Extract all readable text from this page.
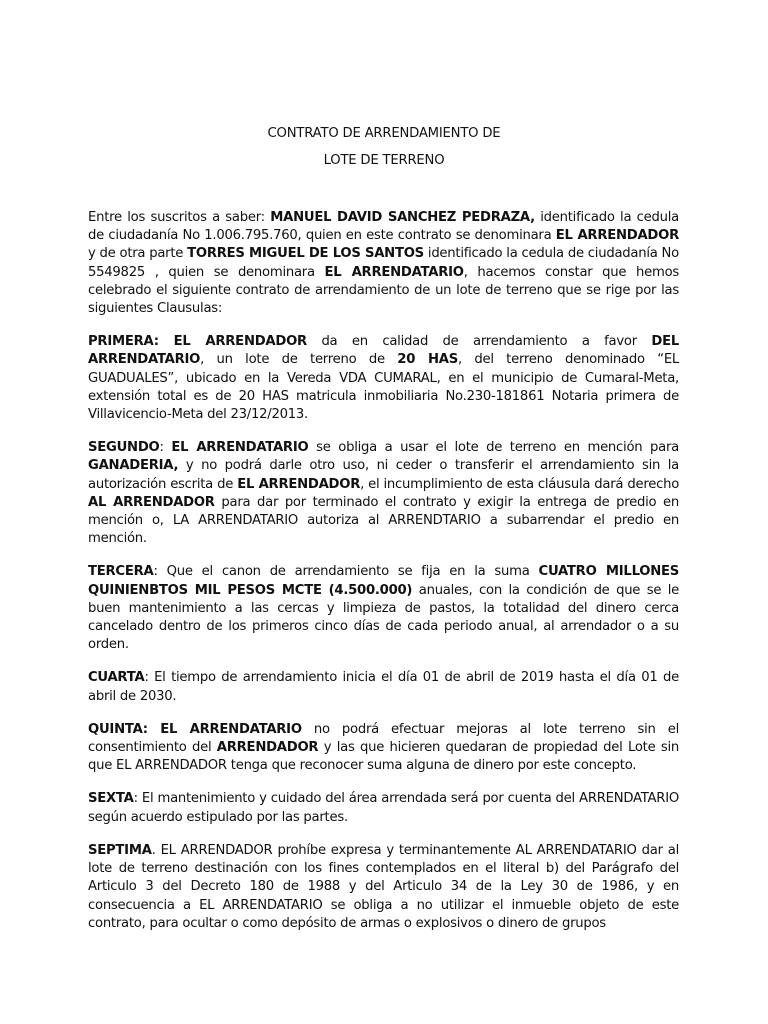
CONTRATO DE ARRENDAMIENTO DE
LOTE DE TERRENO

Entre los suscritos a saber: MANUEL DAVID SANCHEZ PEDRAZA, identificado la cedula de ciudadanía No 1.006.795.760, quien en este contrato se denominara EL ARRENDADOR y de otra parte TORRES MIGUEL DE LOS SANTOS identificado la cedula de ciudadanía No 5549825 , quien se denominara EL ARRENDATARIO, hacemos constar que hemos celebrado el siguiente contrato de arrendamiento de un lote de terreno que se rige por las siguientes Clausulas:

PRIMERA: EL ARRENDADOR da en calidad de arrendamiento a favor DEL ARRENDATARIO, un lote de terreno de 20 HAS, del terreno denominado “EL GUADUALES”, ubicado en la Vereda VDA CUMARAL, en el municipio de Cumaral-Meta, extensión total es de 20 HAS matricula inmobiliaria No.230-181861 Notaria primera de Villavicencio-Meta del 23/12/2013.

SEGUNDO: EL ARRENDATARIO se obliga a usar el lote de terreno en mención para GANADERIA, y no podrá darle otro uso, ni ceder o transferir el arrendamiento sin la autorización escrita de EL ARRENDADOR, el incumplimiento de esta cláusula dará derecho AL ARRENDADOR para dar por terminado el contrato y exigir la entrega de predio en mención o, LA ARRENDATARIO autoriza al ARRENDTARIO a subarrendar el predio en mención.

TERCERA: Que el canon de arrendamiento se fija en la suma CUATRO MILLONES QUINIENBTOS MIL PESOS MCTE (4.500.000) anuales, con la condición de que se le buen mantenimiento a las cercas y limpieza de pastos, la totalidad del dinero cerca cancelado dentro de los primeros cinco días de cada periodo anual, al arrendador o a su orden.

CUARTA: El tiempo de arrendamiento inicia el día 01 de abril de 2019 hasta el día 01 de abril de 2030.

QUINTA: EL ARRENDATARIO no podrá efectuar mejoras al lote terreno sin el consentimiento del ARRENDADOR y las que hicieren quedaran de propiedad del Lote sin que EL ARRENDADOR tenga que reconocer suma alguna de dinero por este concepto.

SEXTA: El mantenimiento y cuidado del área arrendada será por cuenta del ARRENDATARIO según acuerdo estipulado por las partes.

SEPTIMA. EL ARRENDADOR prohíbe expresa y terminantemente AL ARRENDATARIO dar al lote de terreno destinación con los fines contemplados en el literal b) del Parágrafo del Articulo 3 del Decreto 180 de 1988 y del Articulo 34 de la Ley 30 de 1986, y en consecuencia a EL ARRENDATARIO se obliga a no utilizar el inmueble objeto de este contrato, para ocultar o como depósito de armas o explosivos o dinero de grupos
